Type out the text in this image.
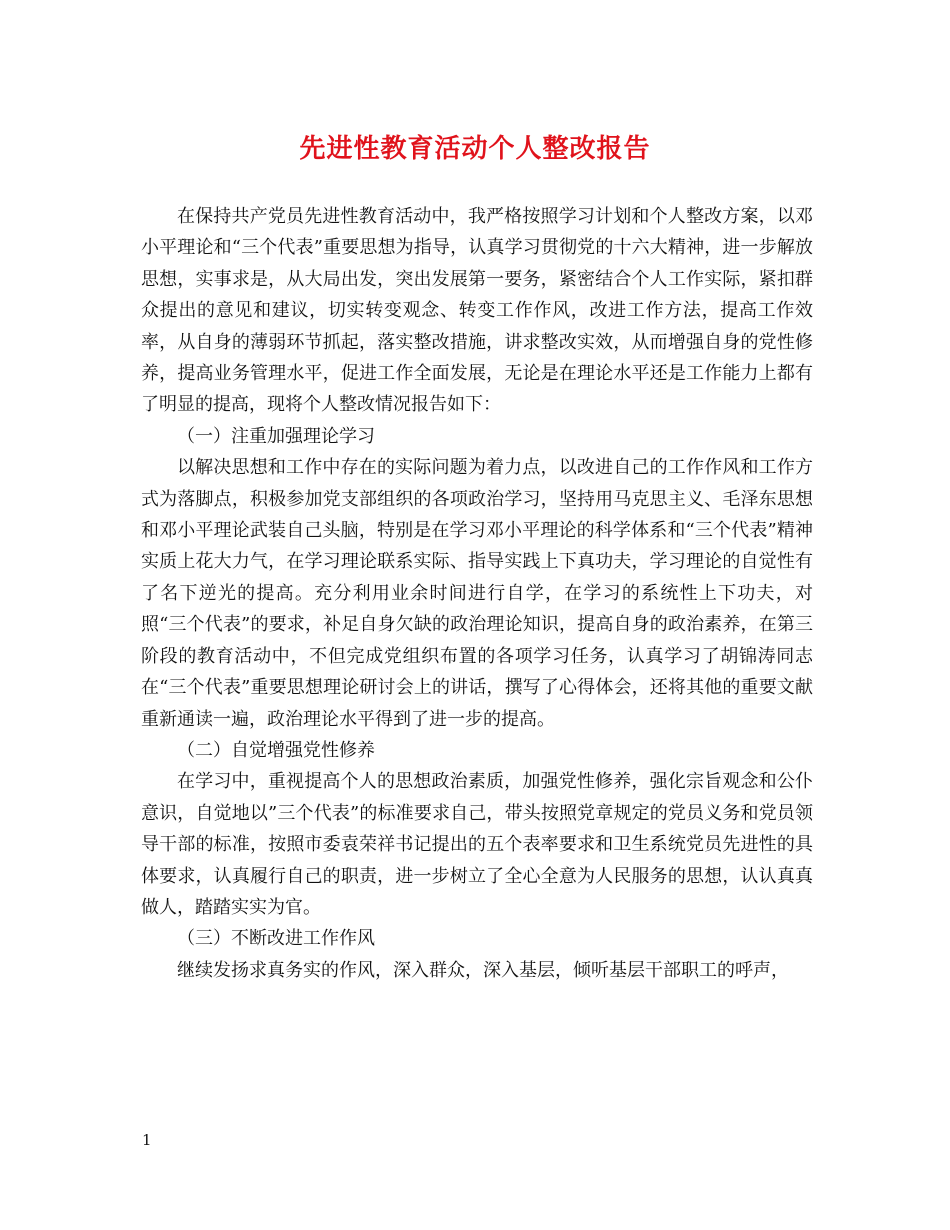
先进性教育活动个人整改报告

在保持共产党员先进性教育活动中，我严格按照学习计划和个人整改方案，以邓小平理论和“三个代表”重要思想为指导，认真学习贯彻党的十六大精神，进一步解放思想，实事求是，从大局出发，突出发展第一要务，紧密结合个人工作实际，紧扣群众提出的意见和建议，切实转变观念、转变工作作风，改进工作方法，提高工作效率，从自身的薄弱环节抓起，落实整改措施，讲求整改实效，从而增强自身的党性修养，提高业务管理水平，促进工作全面发展，无论是在理论水平还是工作能力上都有了明显的提高，现将个人整改情况报告如下：

（一）注重加强理论学习

以解决思想和工作中存在的实际问题为着力点，以改进自己的工作作风和工作方式为落脚点，积极参加党支部组织的各项政治学习，坚持用马克思主义、毛泽东思想和邓小平理论武装自己头脑，特别是在学习邓小平理论的科学体系和“三个代表”精神实质上花大力气，在学习理论联系实际、指导实践上下真功夫，学习理论的自觉性有了名下逆光的提高。充分利用业余时间进行自学，在学习的系统性上下功夫，对照“三个代表”的要求，补足自身欠缺的政治理论知识，提高自身的政治素养，在第三阶段的教育活动中，不但完成党组织布置的各项学习任务，认真学习了胡锦涛同志在“三个代表”重要思想理论研讨会上的讲话，撰写了心得体会，还将其他的重要文献重新通读一遍，政治理论水平得到了进一步的提高。

（二）自觉增强党性修养

在学习中，重视提高个人的思想政治素质，加强党性修养，强化宗旨观念和公仆意识，自觉地以”三个代表”的标准要求自己，带头按照党章规定的党员义务和党员领导干部的标准，按照市委袁荣祥书记提出的五个表率要求和卫生系统党员先进性的具体要求，认真履行自己的职责，进一步树立了全心全意为人民服务的思想，认认真真做人，踏踏实实为官。

（三）不断改进工作作风

继续发扬求真务实的作风，深入群众，深入基层，倾听基层干部职工的呼声，

1
